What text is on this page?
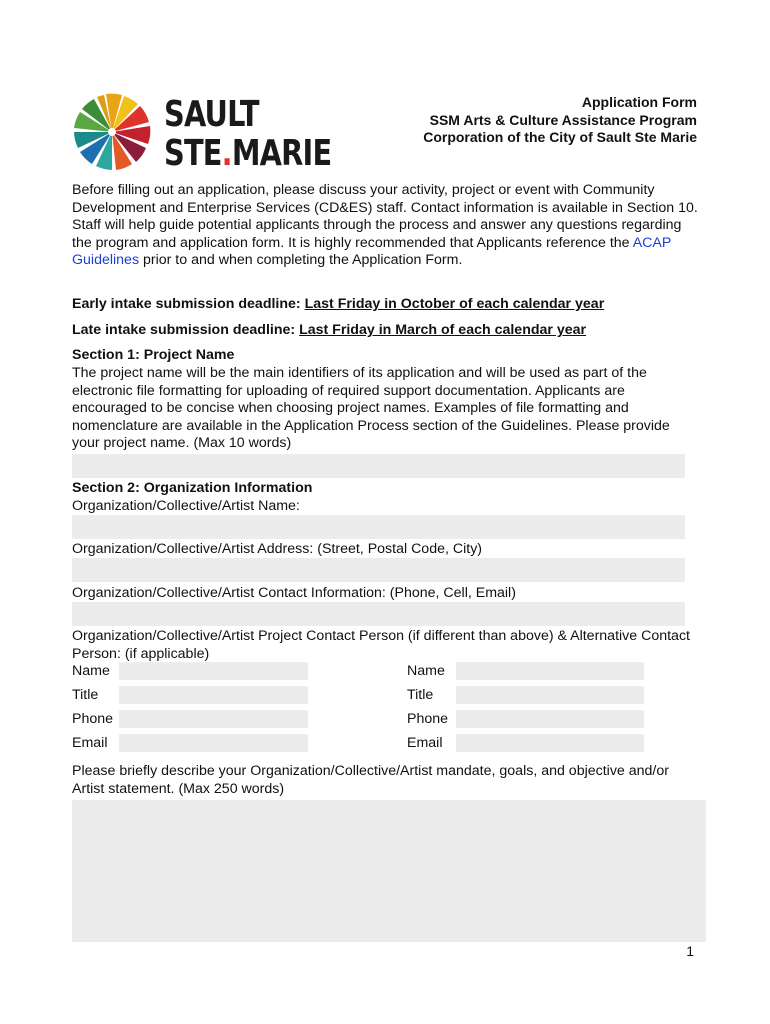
SAULT
STE.MARIE
Application Form
SSM Arts & Culture Assistance Program
Corporation of the City of Sault Ste Marie
Before filling out an application, please discuss your activity, project or event with Community Development and Enterprise Services (CD&ES) staff. Contact information is available in Section 10. Staff will help guide potential applicants through the process and answer any questions regarding the program and application form. It is highly recommended that Applicants reference the ACAP Guidelines prior to and when completing the Application Form.
Early intake submission deadline: Last Friday in October of each calendar year
Late intake submission deadline: Last Friday in March of each calendar year
Section 1: Project Name
The project name will be the main identifiers of its application and will be used as part of the electronic file formatting for uploading of required support documentation. Applicants are encouraged to be concise when choosing project names. Examples of file formatting and nomenclature are available in the Application Process section of the Guidelines. Please provide your project name. (Max 10 words)
Section 2: Organization Information
Organization/Collective/Artist Name:
Organization/Collective/Artist Address: (Street, Postal Code, City)
Organization/Collective/Artist Contact Information: (Phone, Cell, Email)
Organization/Collective/Artist Project Contact Person (if different than above) & Alternative Contact Person: (if applicable)
Name	Name
Title	Title
Phone	Phone
Email	Email
Please briefly describe your Organization/Collective/Artist mandate, goals, and objective and/or Artist statement. (Max 250 words)
1
